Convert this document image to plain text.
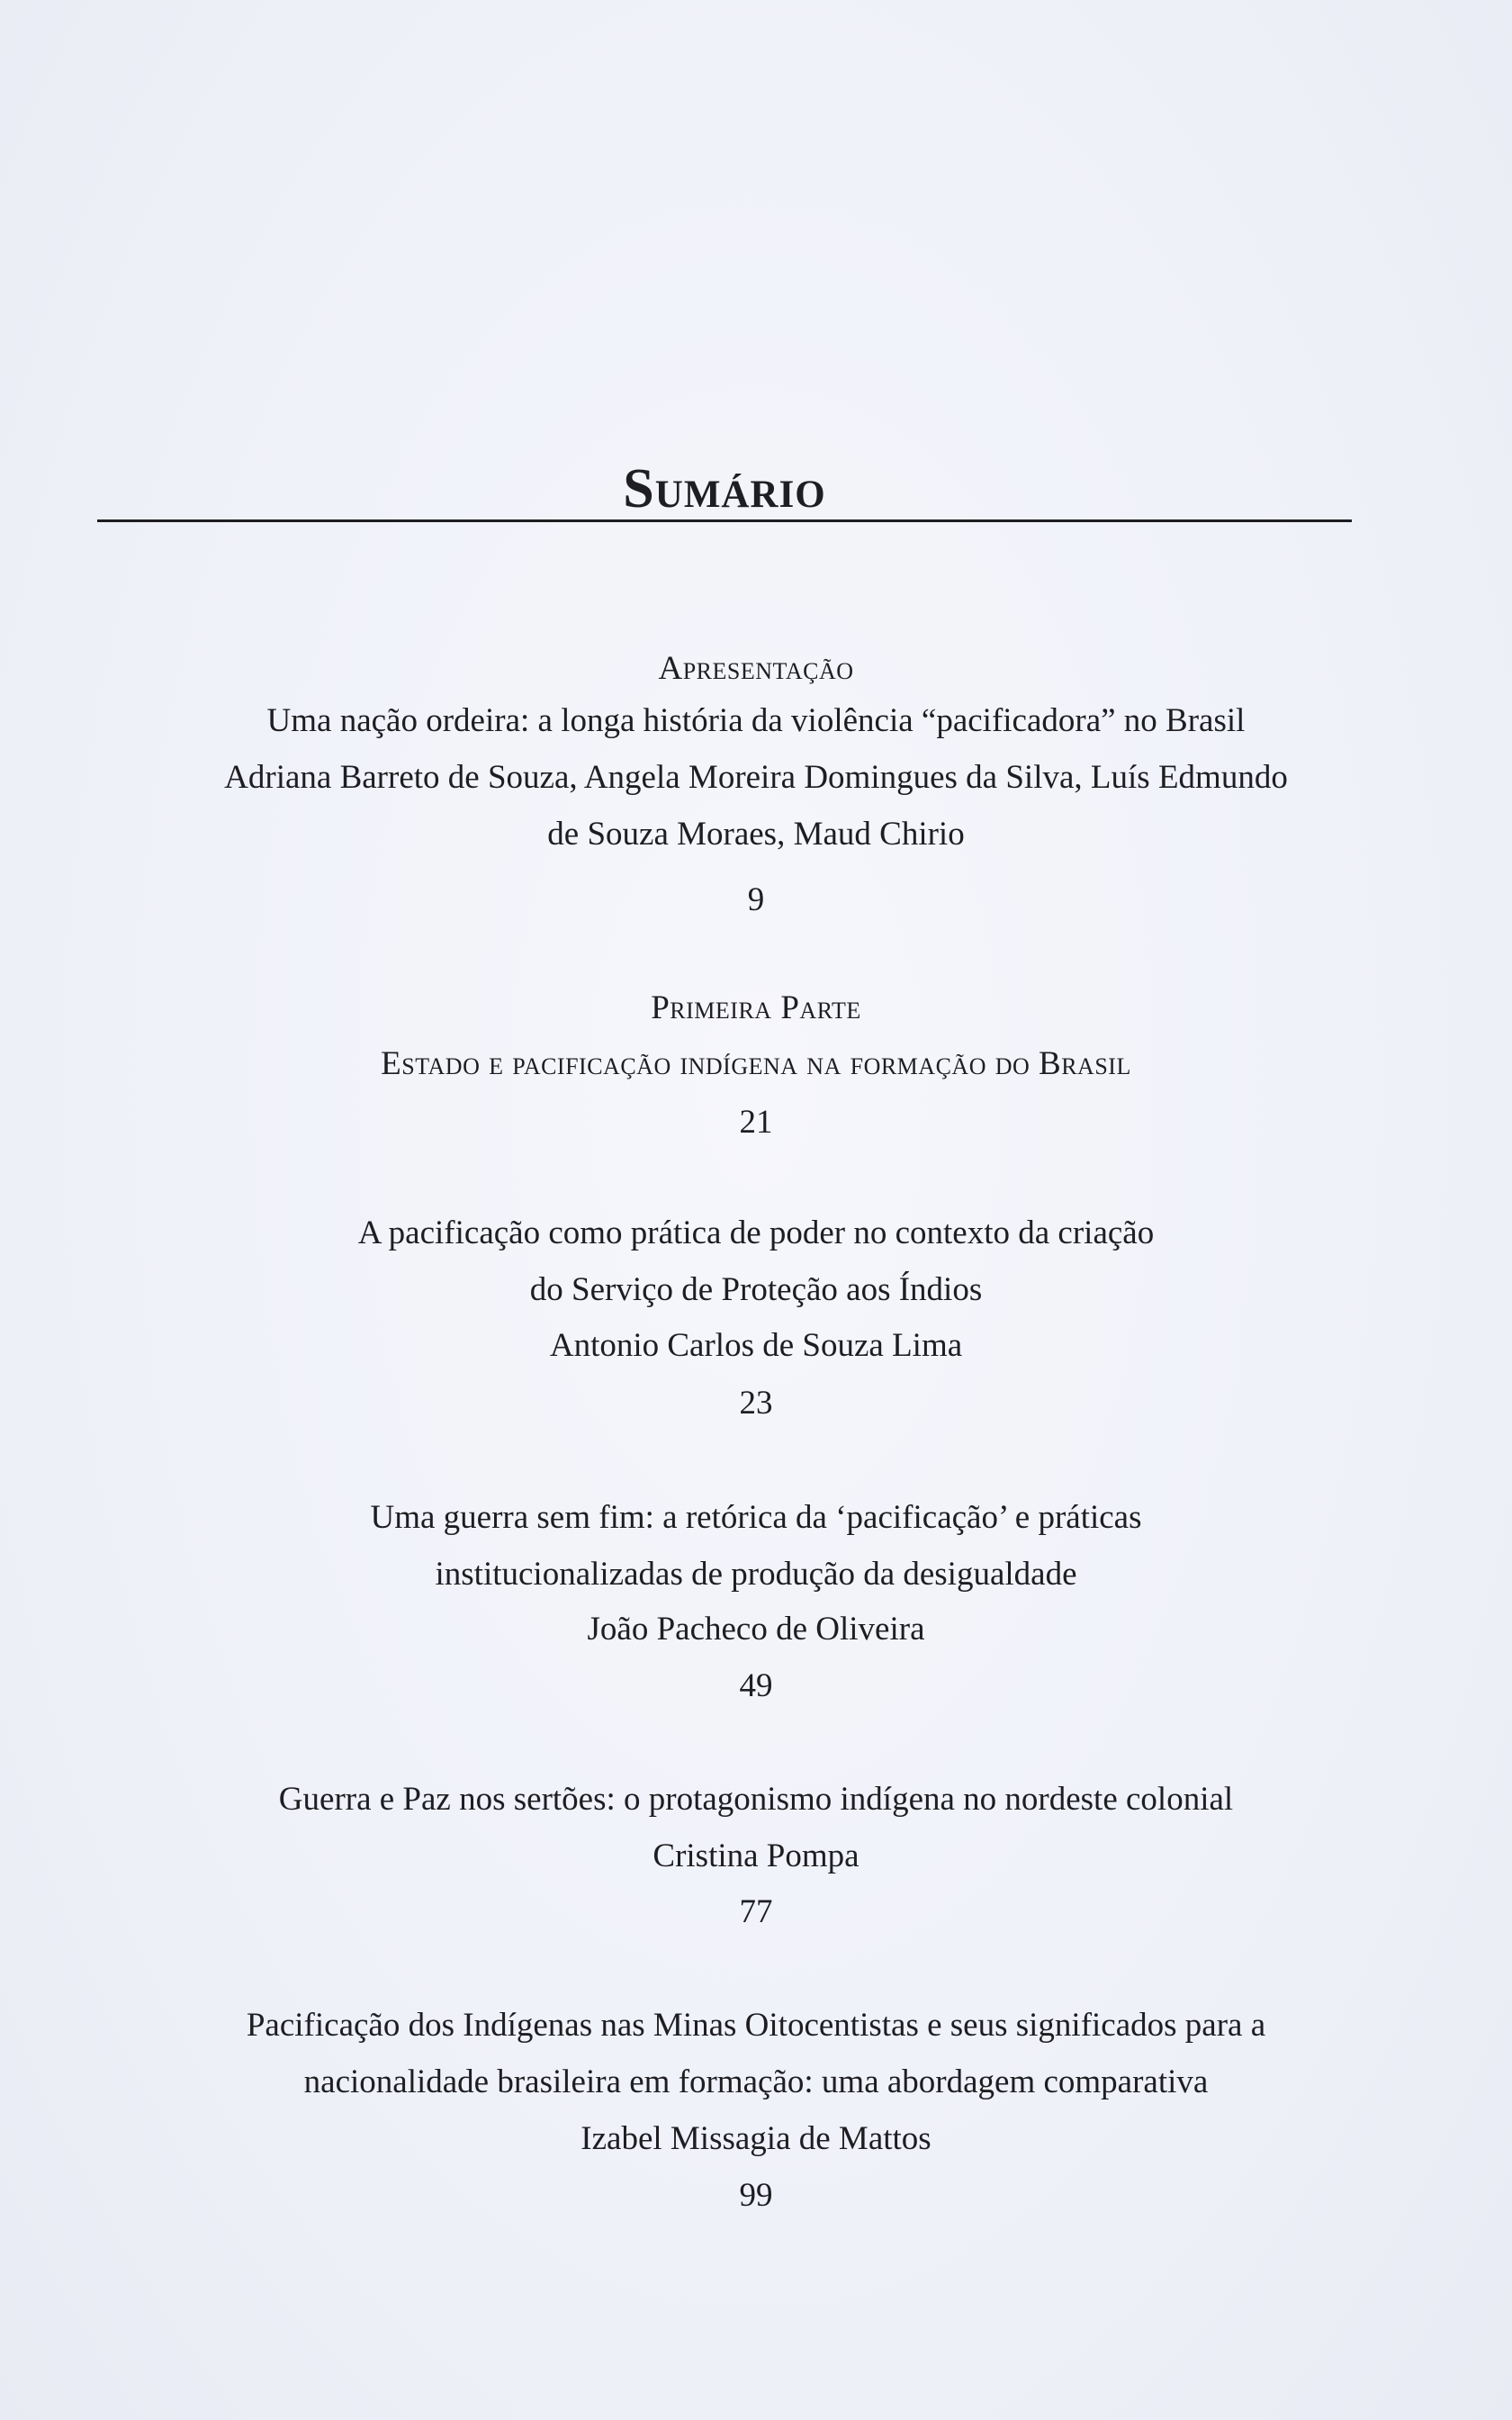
Sumário
Apresentação
Uma nação ordeira: a longa história da violência “pacificadora” no Brasil
Adriana Barreto de Souza, Angela Moreira Domingues da Silva, Luís Edmundo
de Souza Moraes, Maud Chirio
9
Primeira Parte
Estado e pacificação indígena na formação do Brasil
21
A pacificação como prática de poder no contexto da criação
do Serviço de Proteção aos Índios
Antonio Carlos de Souza Lima
23
Uma guerra sem fim: a retórica da ‘pacificação’ e práticas
institucionalizadas de produção da desigualdade
João Pacheco de Oliveira
49
Guerra e Paz nos sertões: o protagonismo indígena no nordeste colonial
Cristina Pompa
77
Pacificação dos Indígenas nas Minas Oitocentistas e seus significados para a
nacionalidade brasileira em formação: uma abordagem comparativa
Izabel Missagia de Mattos
99
